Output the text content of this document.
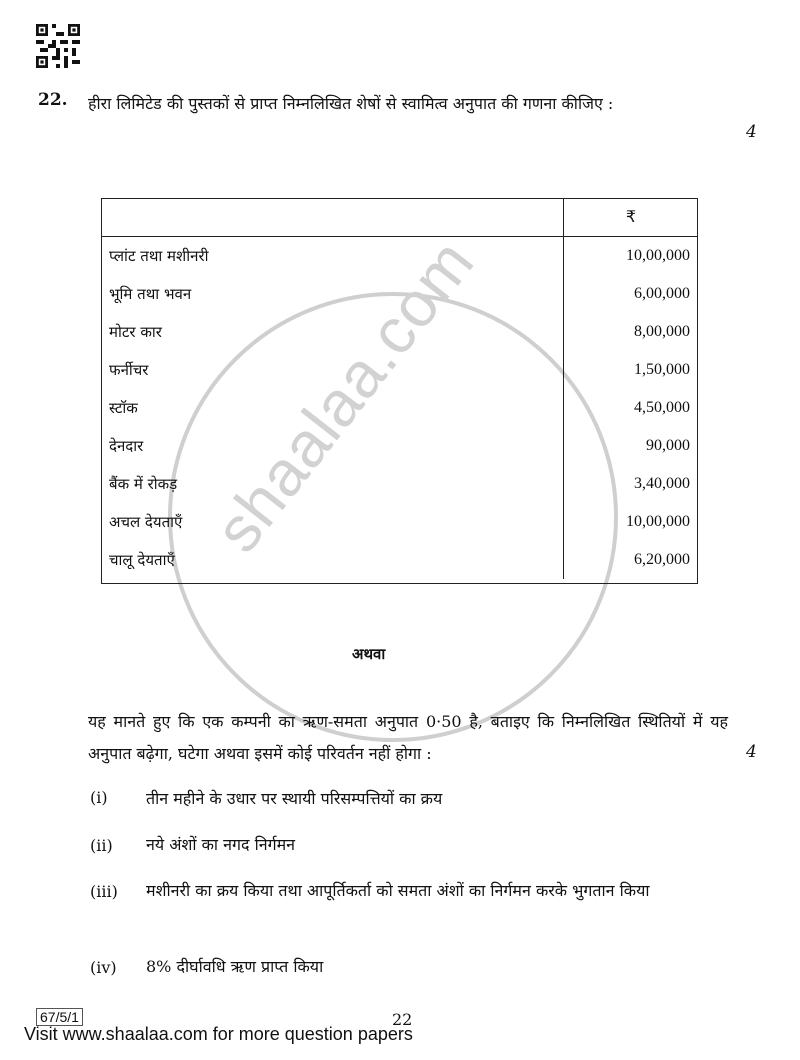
shaalaa.com
22. हीरा लिमिटेड की पुस्तकों से प्राप्त निम्नलिखित शेषों से स्वामित्व अनुपात की गणना कीजिए :
4
	₹
प्लांट तथा मशीनरी	10,00,000
भूमि तथा भवन	6,00,000
मोटर कार	8,00,000
फर्नीचर	1,50,000
स्टॉक	4,50,000
देनदार	90,000
बैंक में रोकड़	3,40,000
अचल देयताएँ	10,00,000
चालू देयताएँ	6,20,000
अथवा
यह मानते हुए कि एक कम्पनी का ऋण-समता अनुपात 0·50 है, बताइए कि निम्नलिखित स्थितियों में यह अनुपात बढ़ेगा, घटेगा अथवा इसमें कोई परिवर्तन नहीं होगा :	4
(i) तीन महीने के उधार पर स्थायी परिसम्पत्तियों का क्रय
(ii) नये अंशों का नगद निर्गमन
(iii) मशीनरी का क्रय किया तथा आपूर्तिकर्ता को समता अंशों का निर्गमन करके भुगतान किया
(iv) 8% दीर्घावधि ऋण प्राप्त किया
67/5/1	22
Visit www.shaalaa.com for more question papers
